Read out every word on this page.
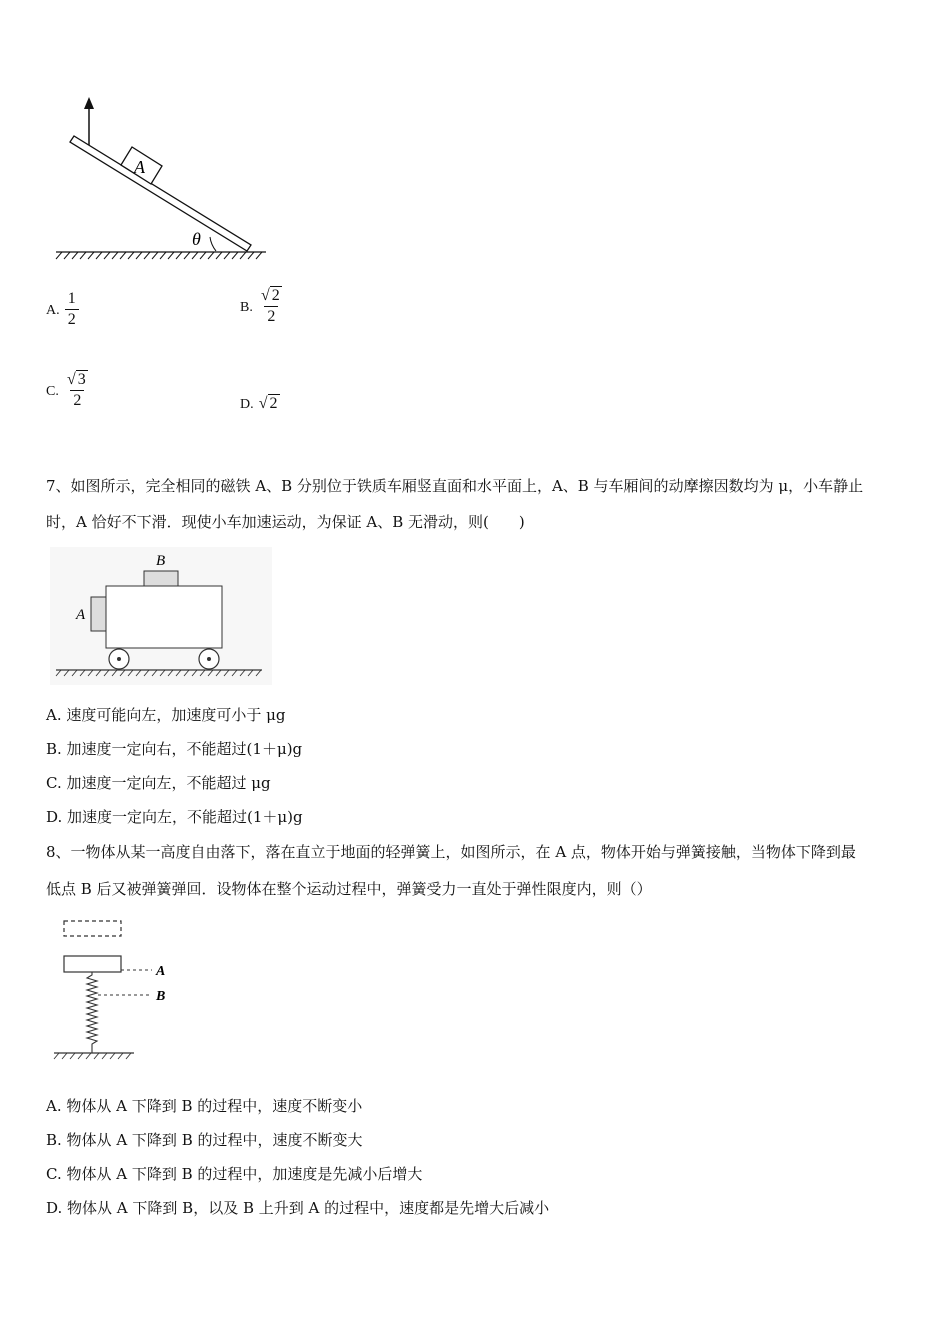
A
θ
A. $\frac{1}{2}$	B. $\frac{√ 2}{2}$
C. $\frac{√ 3}{2}$	D. √ 2
7、如图所示，完全相同的磁铁 A、B 分别位于铁质车厢竖直面和水平面上，A、B 与车厢间的动摩擦因数均为 μ，小车静止
时，A 恰好不下滑．现使小车加速运动，为保证 A、B 无滑动，则(　　)
B
A
A. 速度可能向左，加速度可小于 μg
B. 加速度一定向右，不能超过(1＋μ)g
C. 加速度一定向左，不能超过 μg
D. 加速度一定向左，不能超过(1＋μ)g
8、一物体从某一高度自由落下，落在直立于地面的轻弹簧上，如图所示，在 A 点，物体开始与弹簧接触，当物体下降到最
低点 B 后又被弹簧弹回．设物体在整个运动过程中，弹簧受力一直处于弹性限度内，则（）
A
B
A. 物体从 A 下降到 B 的过程中，速度不断变小
B. 物体从 A 下降到 B 的过程中，速度不断变大
C. 物体从 A 下降到 B 的过程中，加速度是先减小后增大
D. 物体从 A 下降到 B，以及 B 上升到 A 的过程中，速度都是先增大后减小
